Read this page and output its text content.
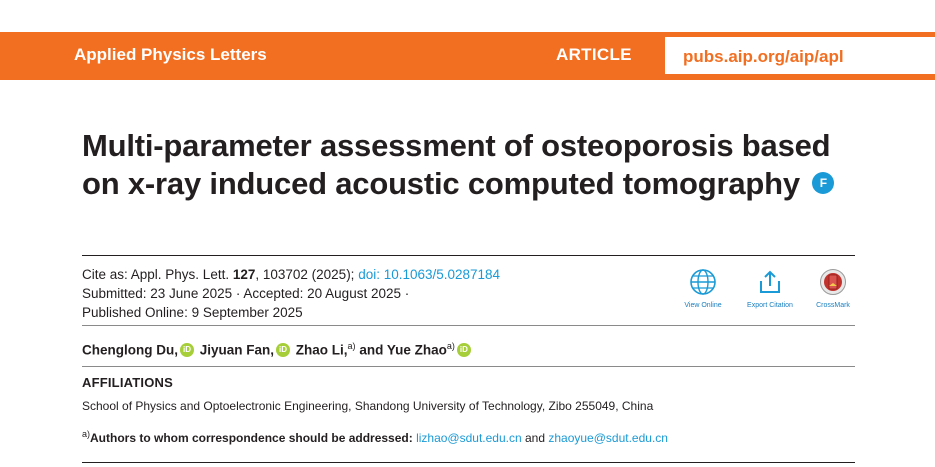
Applied Physics Letters	ARTICLE	pubs.aip.org/aip/apl
Multi-parameter assessment of osteoporosis based on x-ray induced acoustic computed tomography F
Cite as: Appl. Phys. Lett. 127, 103702 (2025); doi: 10.1063/5.0287184
Submitted: 23 June 2025 · Accepted: 20 August 2025 ·
Published Online: 9 September 2025	View Online	Export Citation	CrossMark
Chenglong Du, iD Jiyuan Fan, iD Zhao Li,$^{a)}$ and Yue Zhao$^{a)}$ iD
AFFILIATIONS
School of Physics and Optoelectronic Engineering, Shandong University of Technology, Zibo 255049, China
$^{a)}$Authors to whom correspondence should be addressed: lizhao@sdut.edu.cn and zhaoyue@sdut.edu.cn
